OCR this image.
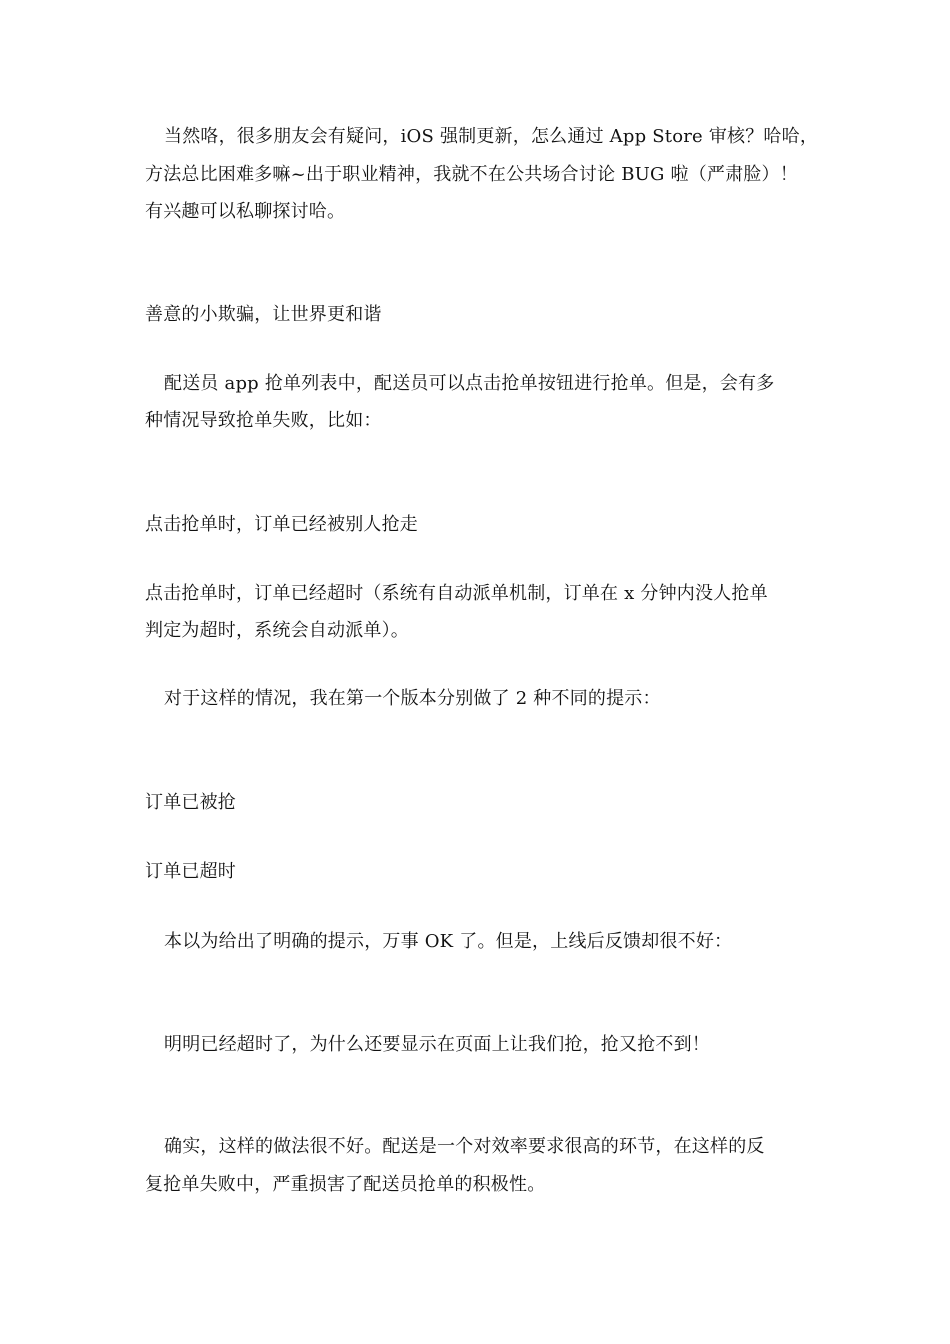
当然咯，很多朋友会有疑问，iOS 强制更新，怎么通过 App Store 审核？哈哈，
方法总比困难多嘛~出于职业精神，我就不在公共场合讨论 BUG 啦（严肃脸）！
有兴趣可以私聊探讨哈。
善意的小欺骗，让世界更和谐
配送员 app 抢单列表中，配送员可以点击抢单按钮进行抢单。但是，会有多
种情况导致抢单失败，比如：
点击抢单时，订单已经被别人抢走
点击抢单时，订单已经超时（系统有自动派单机制，订单在 x 分钟内没人抢单
判定为超时，系统会自动派单）。
对于这样的情况，我在第一个版本分别做了 2 种不同的提示：
订单已被抢
订单已超时
本以为给出了明确的提示，万事 OK 了。但是，上线后反馈却很不好：
明明已经超时了，为什么还要显示在页面上让我们抢，抢又抢不到！
确实，这样的做法很不好。配送是一个对效率要求很高的环节，在这样的反
复抢单失败中，严重损害了配送员抢单的积极性。
